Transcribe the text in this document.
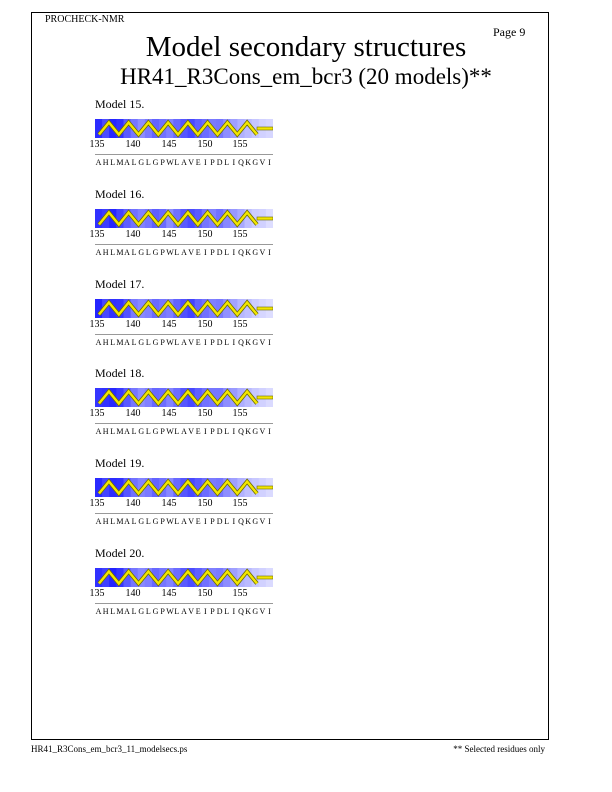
PROCHECK-NMR
Page 9
Model secondary structures
HR41_R3Cons_em_bcr3 (20 models)**
Model 15.
135 140 145 150 155
A H L M A L G L G P W L A V E I P D L I Q K G V I
Model 16.
135 140 145 150 155
A H L M A L G L G P W L A V E I P D L I Q K G V I
Model 17.
135 140 145 150 155
A H L M A L G L G P W L A V E I P D L I Q K G V I
Model 18.
135 140 145 150 155
A H L M A L G L G P W L A V E I P D L I Q K G V I
Model 19.
135 140 145 150 155
A H L M A L G L G P W L A V E I P D L I Q K G V I
Model 20.
135 140 145 150 155
A H L M A L G L G P W L A V E I P D L I Q K G V I
HR41_R3Cons_em_bcr3_11_modelsecs.ps	** Selected residues only
